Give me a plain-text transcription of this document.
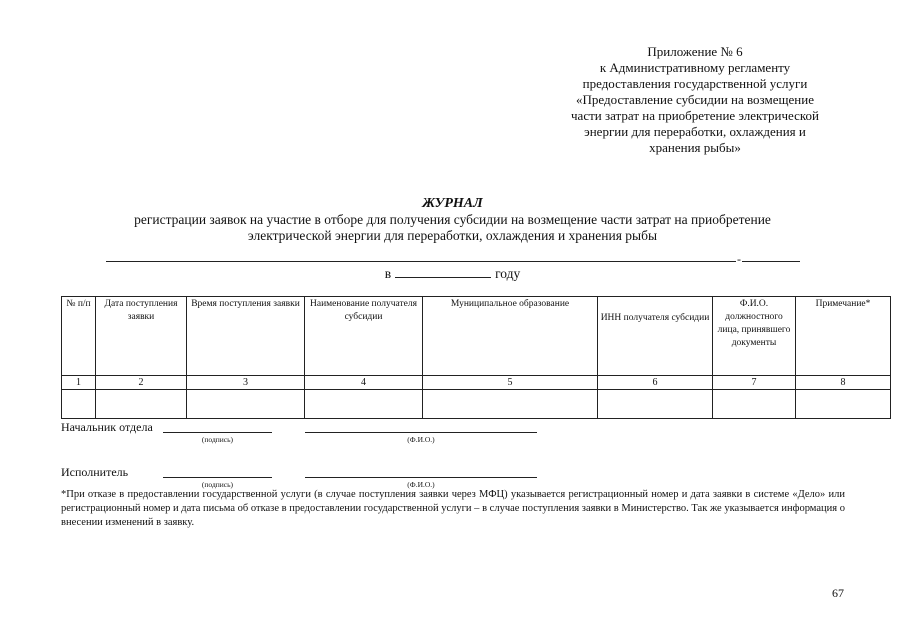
Приложение № 6
к Административному регламенту
предоставления государственной услуги
«Предоставление субсидии на возмещение
части затрат на приобретение электрической
энергии для переработки, охлаждения и
хранения рыбы»
ЖУРНАЛ
регистрации заявок на участие в отборе для получения субсидии на возмещение части затрат на приобретение
электрической энергии для переработки, охлаждения и хранения рыбы
-
в	году
№ п/п	Дата поступления заявки	Время поступления заявки	Наименование получателя субсидии	Муниципальное образование	ИНН получателя субсидии	Ф.И.О. должностного лица, принявшего документы	Примечание*
1	2	3	4	5	6	7	8

Начальник отдела
(подпись)	(Ф.И.О.)
Исполнитель
(подпись)	(Ф.И.О.)
*При отказе в предоставлении государственной услуги (в случае поступления заявки через МФЦ) указывается регистрационный номер и дата заявки в системе «Дело» или регистрационный номер и дата письма об отказе в предоставлении государственной услуги – в случае поступления заявки в Министерство. Так же указывается информация о внесении изменений в заявку.
67
